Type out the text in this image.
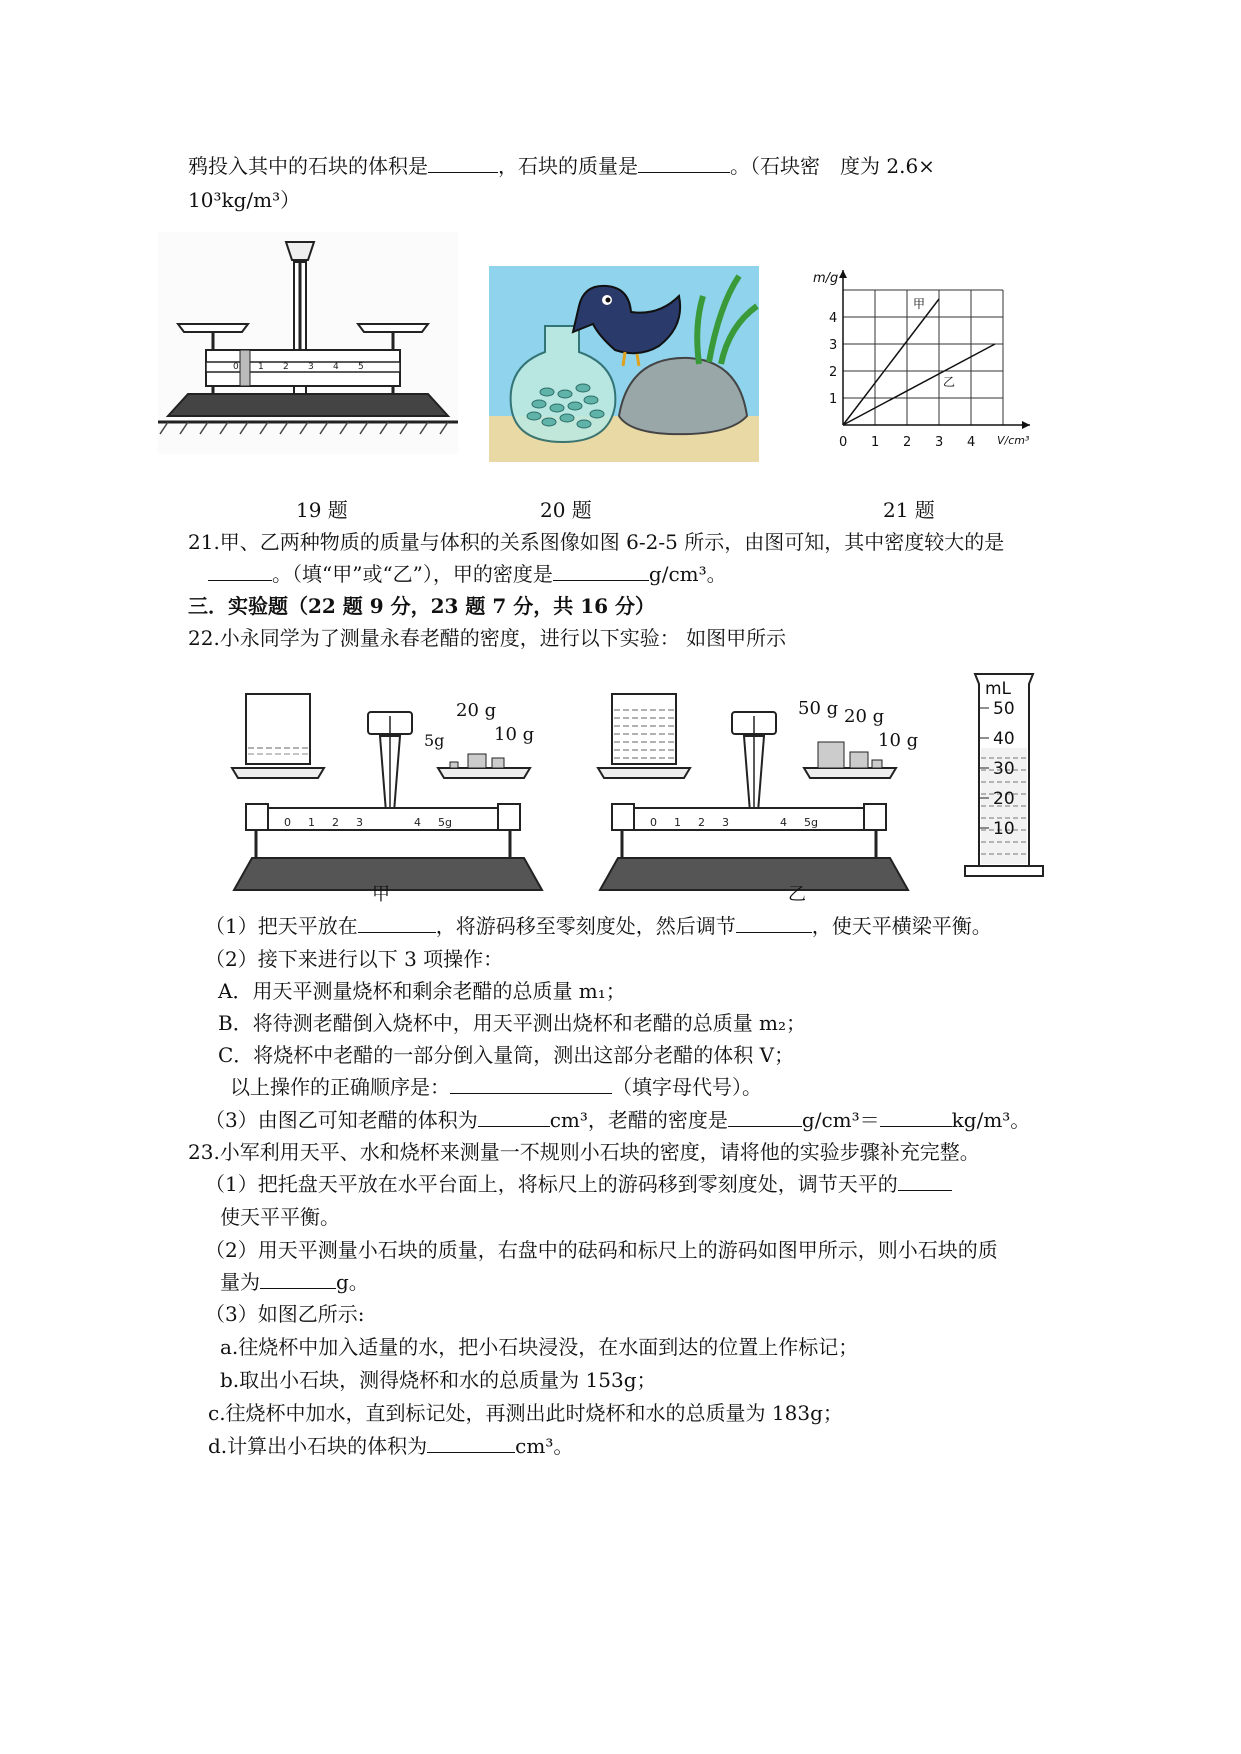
鸦投入其中的石块的体积是	，石块的质量是	。（石块密　度为 2.6×
10³kg/m³）
0 1 2 3 4 5
m/g
V/cm³
1
2
3
4
0 1 2 3 4
甲
乙
19 题	20 题	21 题
21.甲、乙两种物质的质量与体积的关系图像如图 6-2-5 所示，由图可知，其中密度较大的是
。（填“甲”或“乙”），甲的密度是	g/cm³。
三．实验题（22 题 9 分，23 题 7 分，共 16 分）
22.小永同学为了测量永春老醋的密度，进行以下实验： 如图甲所示
20 g
5g	10 g
0 1 2 3	4 5g
甲
50 g 20 g
10 g
0 1 2 3	4 5g
乙
mL
50
40
30
20
10
（1）把天平放在	，将游码移至零刻度处，然后调节	，使天平横梁平衡。
（2）接下来进行以下 3 项操作：
A．用天平测量烧杯和剩余老醋的总质量 m₁；
B．将待测老醋倒入烧杯中，用天平测出烧杯和老醋的总质量 m₂；
C．将烧杯中老醋的一部分倒入量筒，测出这部分老醋的体积 V；
以上操作的正确顺序是：	（填字母代号）。
（3）由图乙可知老醋的体积为	cm³，老醋的密度是	g/cm³＝	kg/m³。
23.小军利用天平、水和烧杯来测量一不规则小石块的密度，请将他的实验步骤补充完整。
（1）把托盘天平放在水平台面上，将标尺上的游码移到零刻度处，调节天平的
使天平平衡。
（2）用天平测量小石块的质量，右盘中的砝码和标尺上的游码如图甲所示，则小石块的质
量为	g。
（3）如图乙所示:
a.往烧杯中加入适量的水，把小石块浸没，在水面到达的位置上作标记；
b.取出小石块，测得烧杯和水的总质量为 153g；
c.往烧杯中加水，直到标记处，再测出此时烧杯和水的总质量为 183g；
d.计算出小石块的体积为	cm³。
